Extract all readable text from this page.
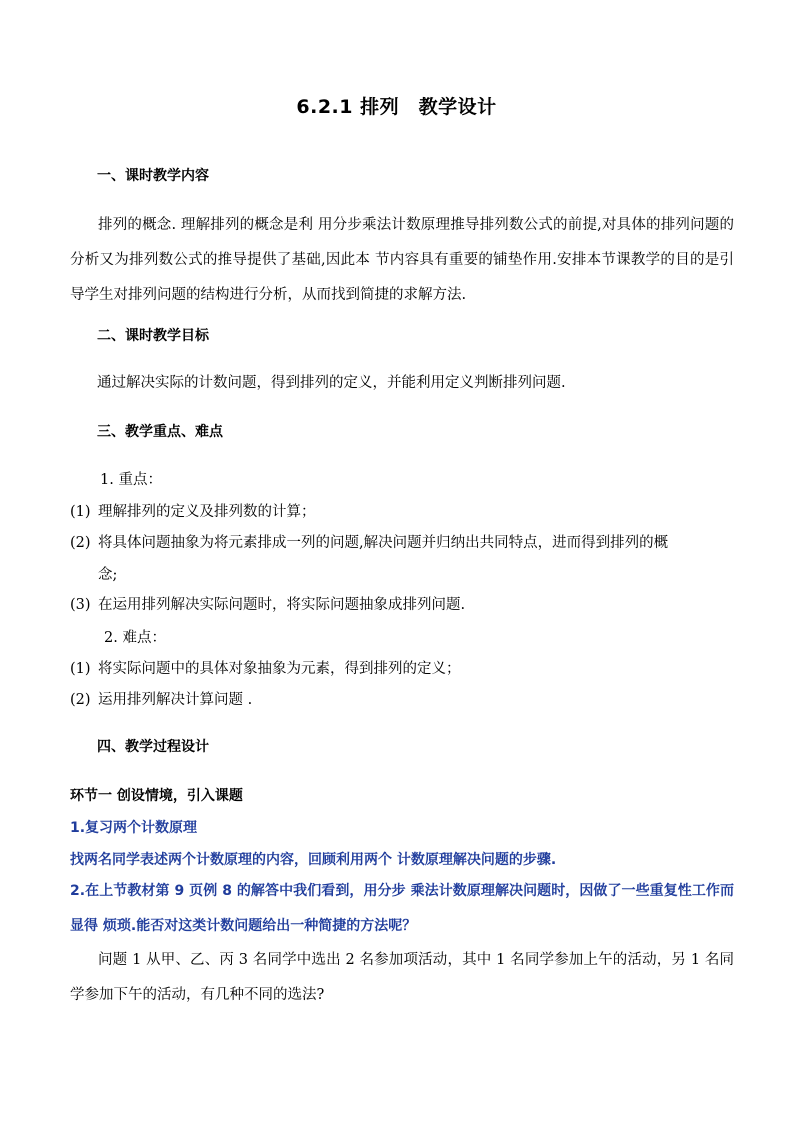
6.2.1 排列　教学设计
一、课时教学内容
排列的概念. 理解排列的概念是利 用分步乘法计数原理推导排列数公式的前提,对具体的排列问题的分析又为排列数公式的推导提供了基础,因此本 节内容具有重要的铺垫作用.安排本节课教学的目的是引 导学生对排列问题的结构进行分析，从而找到简捷的求解方法.
二、课时教学目标
通过解决实际的计数问题，得到排列的定义，并能利用定义判断排列问题.
三、教学重点、难点
1. 重点：
(1) 理解排列的定义及排列数的计算；
(2) 将具体问题抽象为将元素排成一列的问题,解决问题并归纳出共同特点，进而得到排列的概
念;
(3) 在运用排列解决实际问题时，将实际问题抽象成排列问题.
2. 难点：
(1) 将实际问题中的具体对象抽象为元素，得到排列的定义；
(2) 运用排列解决计算问题 .
四、教学过程设计
环节一 创设情境，引入课题
1.复习两个计数原理
找两名同学表述两个计数原理的内容，回顾利用两个 计数原理解决问题的步骤.
2.在上节教材第 9 页例 8 的解答中我们看到，用分步 乘法计数原理解决问题时，因做了一些重复性工作而显得 烦琐.能否对这类计数问题给出一种简捷的方法呢？
问题 1 从甲、乙、丙 3 名同学中选出 2 名参加项活动，其中 1 名同学参加上午的活动，另 1 名同学参加下午的活动，有几种不同的选法?
